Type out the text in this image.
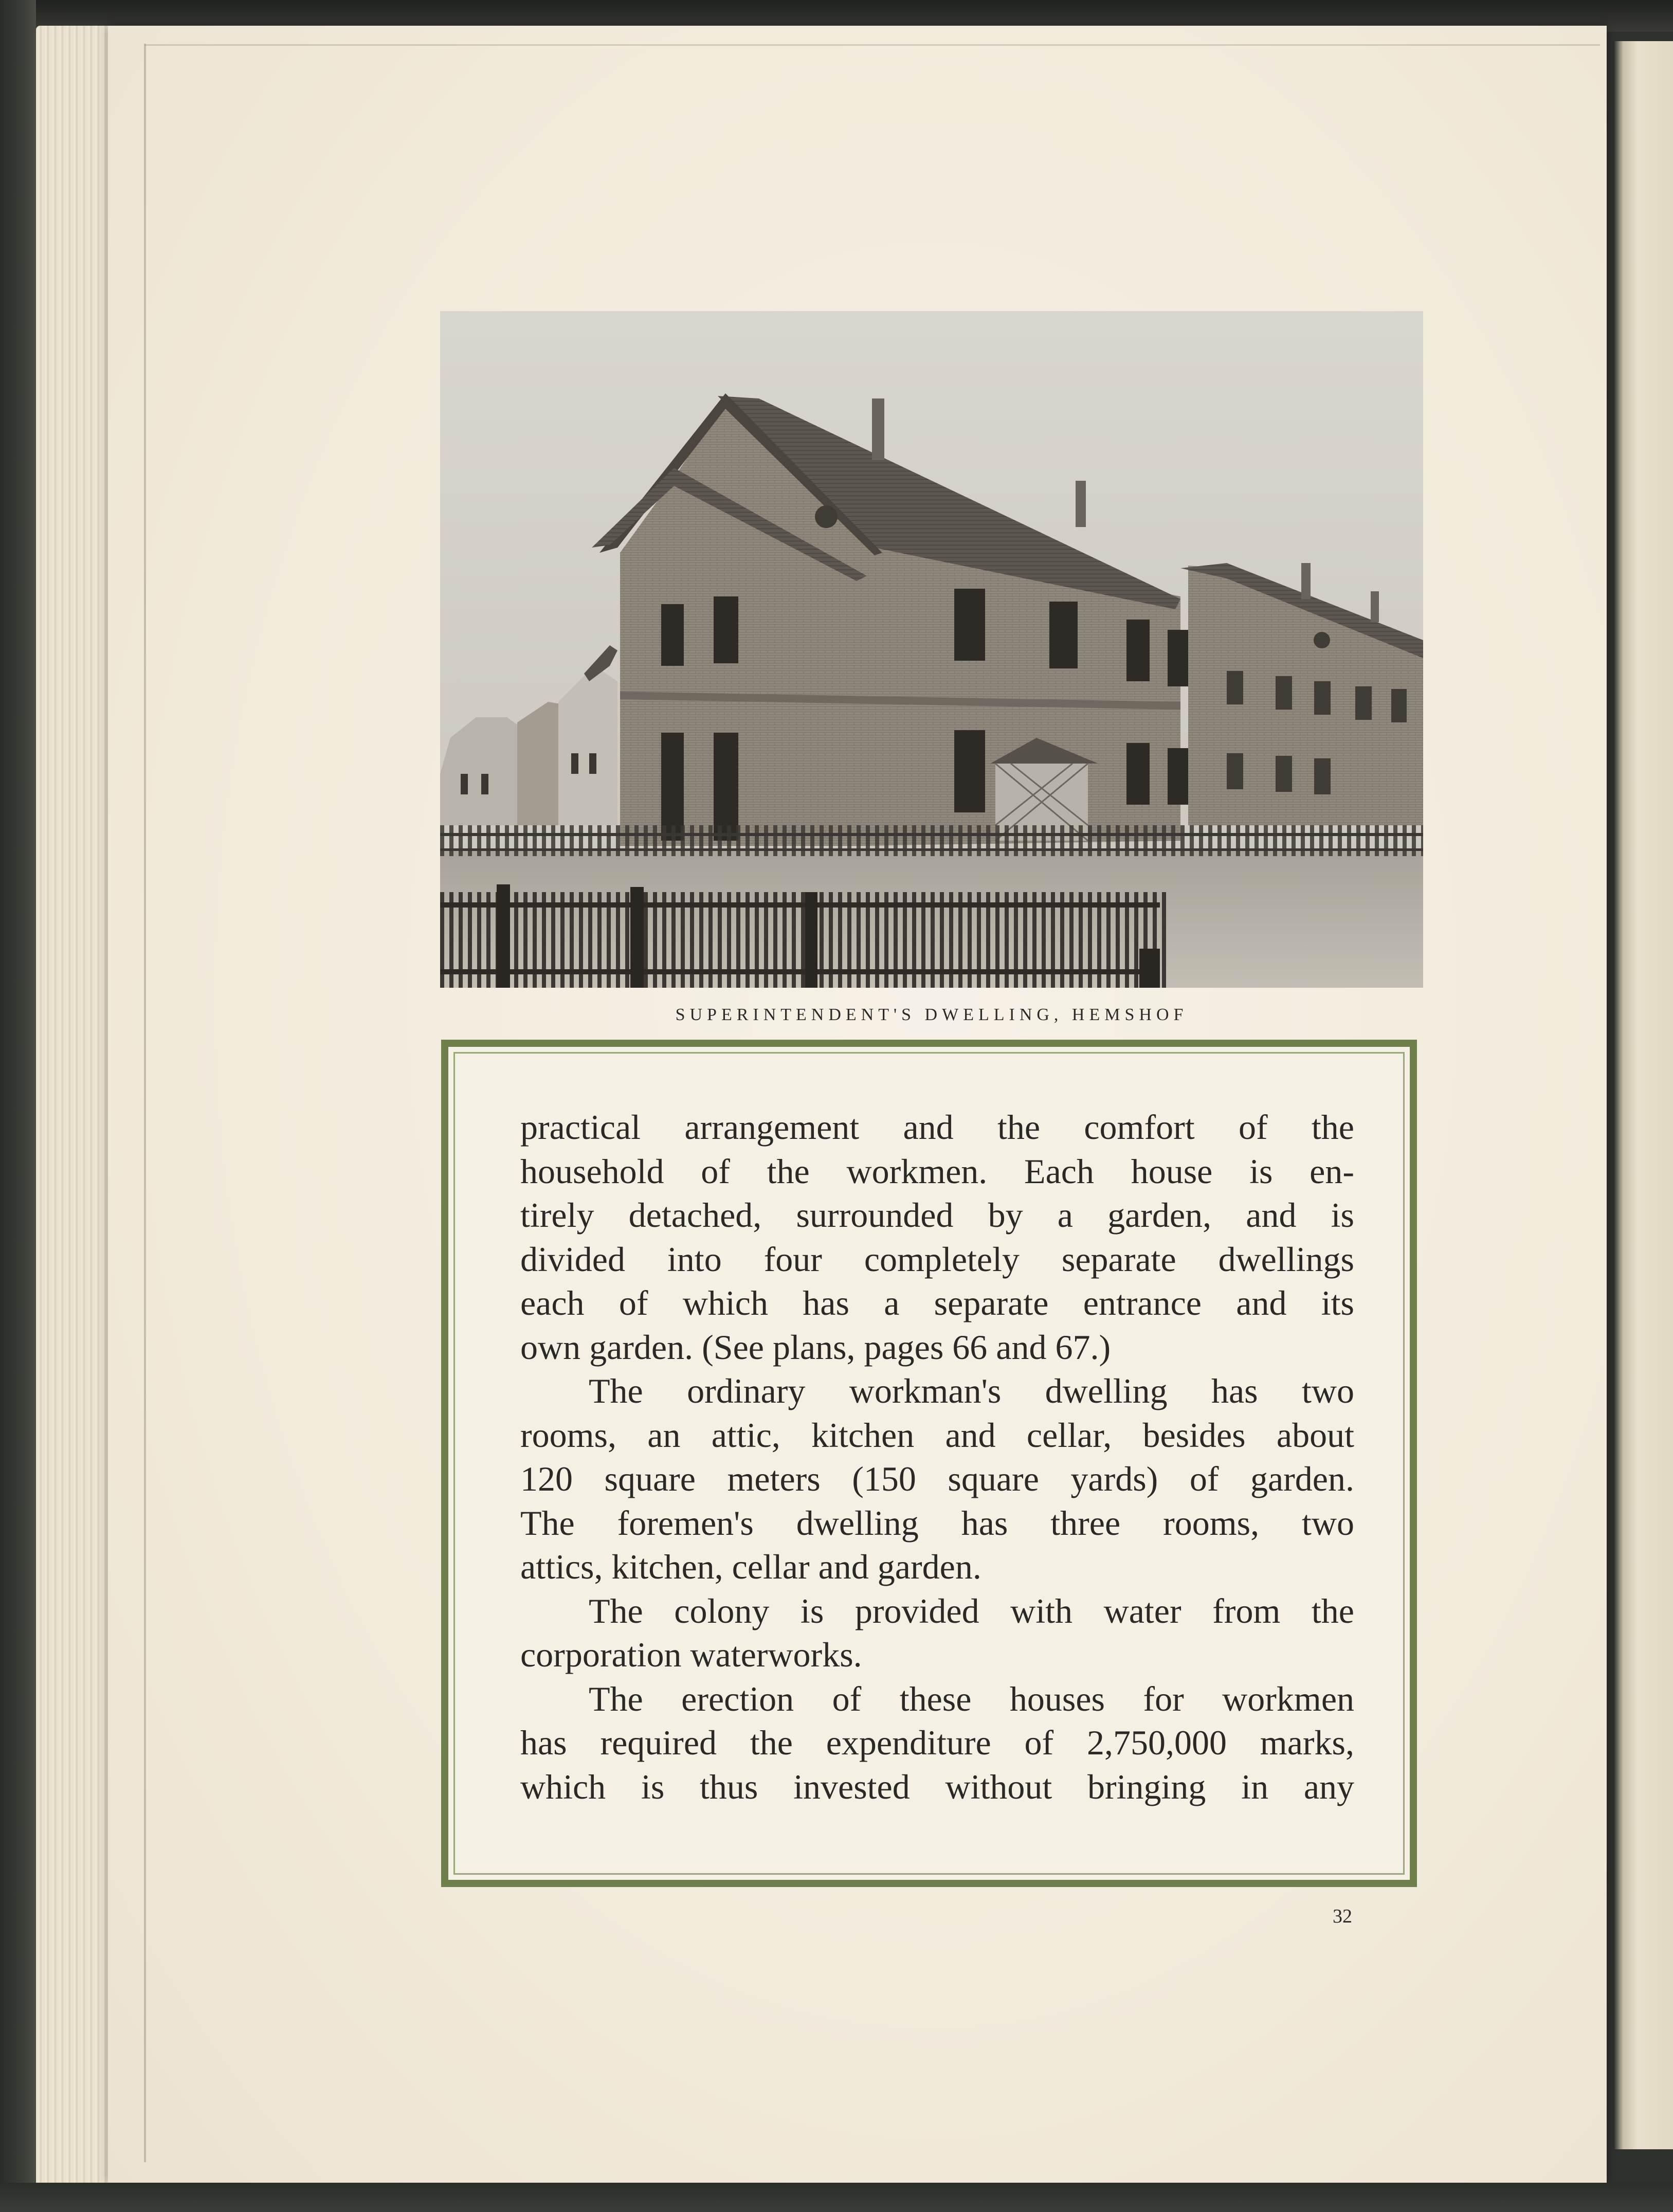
SUPERINTENDENT'S DWELLING, HEMSHOF
practical arrangement and the comfort of the
household of the workmen. Each house is en-
tirely detached, surrounded by a garden, and is
divided into four completely separate dwellings
each of which has a separate entrance and its
own garden. (See plans, pages 66 and 67.)
The ordinary workman's dwelling has two
rooms, an attic, kitchen and cellar, besides about
120 square meters (150 square yards) of garden.
The foremen's dwelling has three rooms, two
attics, kitchen, cellar and garden.
The colony is provided with water from the
corporation waterworks.
The erection of these houses for workmen
has required the expenditure of 2,750,000 marks,
which is thus invested without bringing in any
32
